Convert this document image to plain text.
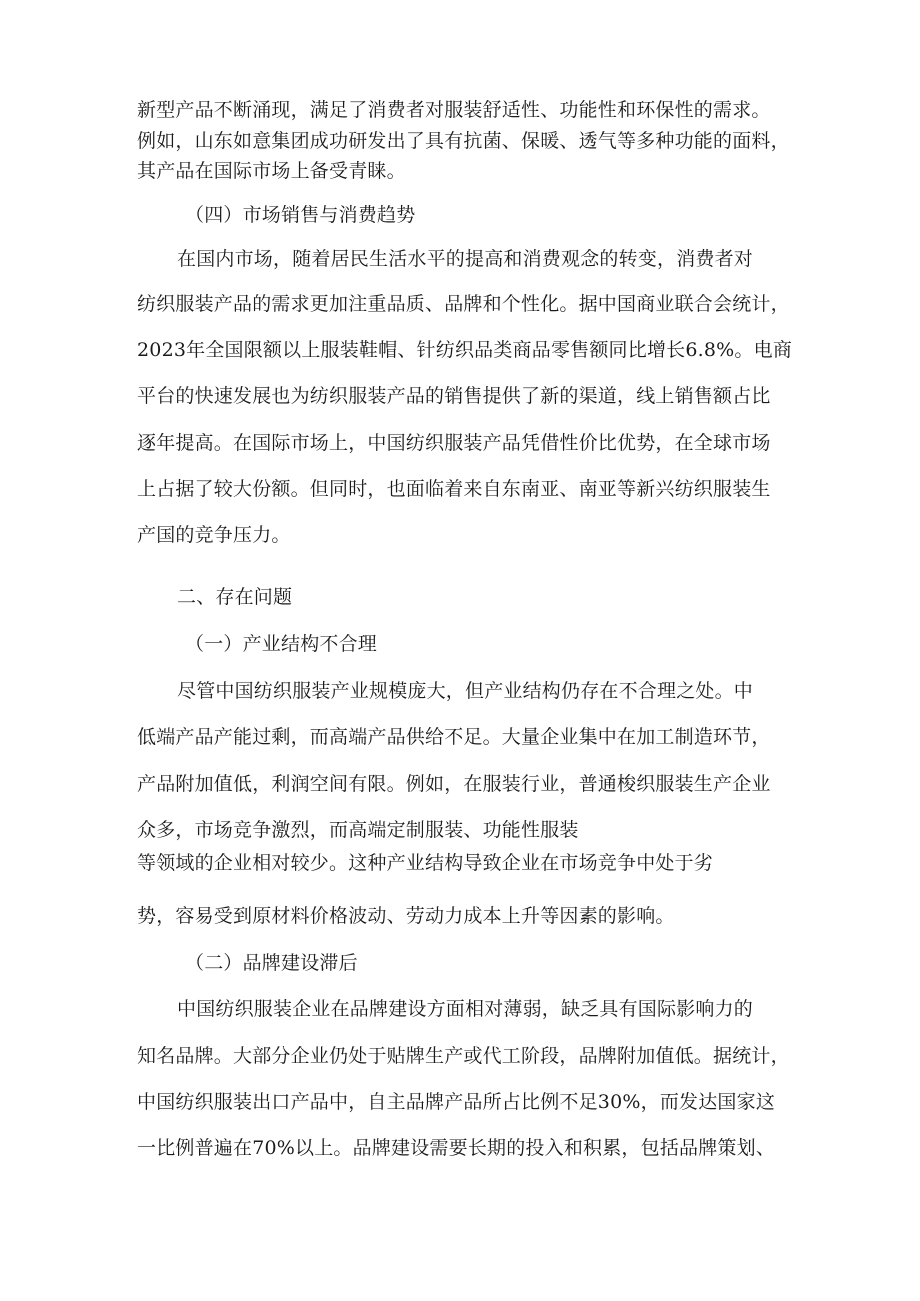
新型产品不断涌现，满足了消费者对服装舒适性、功能性和环保性的需求。
例如，山东如意集团成功研发出了具有抗菌、保暖、透气等多种功能的面料，
其产品在国际市场上备受青睐。
（四）市场销售与消费趋势
在国内市场，随着居民生活水平的提高和消费观念的转变，消费者对
纺织服装产品的需求更加注重品质、品牌和个性化。据中国商业联合会统计，
2023年全国限额以上服装鞋帽、针纺织品类商品零售额同比增长6.8%。电商
平台的快速发展也为纺织服装产品的销售提供了新的渠道，线上销售额占比
逐年提高。在国际市场上，中国纺织服装产品凭借性价比优势，在全球市场
上占据了较大份额。但同时，也面临着来自东南亚、南亚等新兴纺织服装生
产国的竞争压力。
二、存在问题
（一）产业结构不合理
尽管中国纺织服装产业规模庞大，但产业结构仍存在不合理之处。中
低端产品产能过剩，而高端产品供给不足。大量企业集中在加工制造环节，
产品附加值低，利润空间有限。例如，在服装行业，普通梭织服装生产企业
众多，市场竞争激烈，而高端定制服装、功能性服装
等领域的企业相对较少。这种产业结构导致企业在市场竞争中处于劣
势，容易受到原材料价格波动、劳动力成本上升等因素的影响。
（二）品牌建设滞后
中国纺织服装企业在品牌建设方面相对薄弱，缺乏具有国际影响力的
知名品牌。大部分企业仍处于贴牌生产或代工阶段，品牌附加值低。据统计，
中国纺织服装出口产品中，自主品牌产品所占比例不足30%，而发达国家这
一比例普遍在70%以上。品牌建设需要长期的投入和积累，包括品牌策划、
